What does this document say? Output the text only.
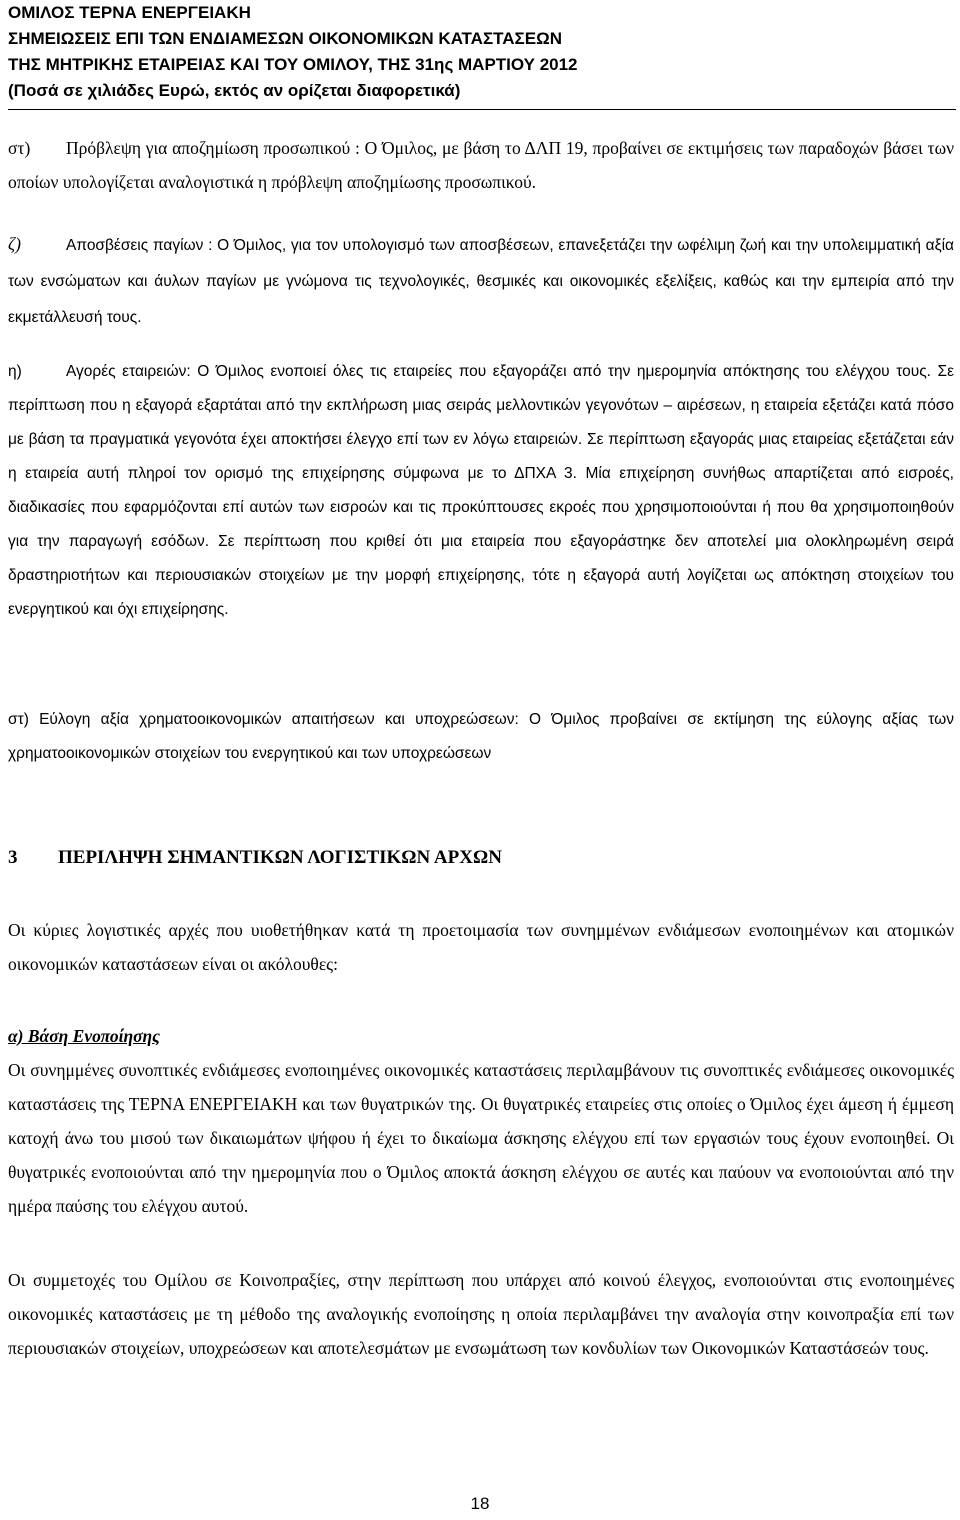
ΟΜΙΛΟΣ ΤΕΡΝΑ ΕΝΕΡΓΕΙΑΚΗ
ΣΗΜΕΙΩΣΕΙΣ ΕΠΙ ΤΩΝ ΕΝΔΙΑΜΕΣΩΝ ΟΙΚΟΝΟΜΙΚΩΝ ΚΑΤΑΣΤΑΣΕΩΝ
ΤΗΣ ΜΗΤΡΙΚΗΣ ΕΤΑΙΡΕΙΑΣ ΚΑΙ ΤΟΥ ΟΜΙΛΟΥ, ΤΗΣ 31ης ΜΑΡΤΙΟΥ 2012
(Ποσά σε χιλιάδες Ευρώ, εκτός αν ορίζεται διαφορετικά)

στ) Πρόβλεψη για αποζημίωση προσωπικού : Ο Όμιλος, με βάση το ΔΛΠ 19, προβαίνει σε εκτιμήσεις των παραδοχών βάσει των οποίων υπολογίζεται αναλογιστικά η πρόβλεψη αποζημίωσης προσωπικού.

ζ)	Αποσβέσεις παγίων : Ο Όμιλος, για τον υπολογισμό των αποσβέσεων, επανεξετάζει την ωφέλιμη ζωή και την υπολειμματική αξία των ενσώματων και άυλων παγίων με γνώμονα τις τεχνολογικές, θεσμικές και οικονομικές εξελίξεις, καθώς και την εμπειρία από την εκμετάλλευσή τους.

η)	Αγορές εταιρειών: Ο Όμιλος ενοποιεί όλες τις εταιρείες που εξαγοράζει από την ημερομηνία απόκτησης του ελέγχου τους. Σε περίπτωση που η εξαγορά εξαρτάται από την εκπλήρωση μιας σειράς μελλοντικών γεγονότων – αιρέσεων, η εταιρεία εξετάζει κατά πόσο με βάση τα πραγματικά γεγονότα έχει αποκτήσει έλεγχο επί των εν λόγω εταιρειών. Σε περίπτωση εξαγοράς μιας εταιρείας εξετάζεται εάν η εταιρεία αυτή πληροί τον ορισμό της επιχείρησης σύμφωνα με το ΔΠΧΑ 3. Μία επιχείρηση συνήθως απαρτίζεται από εισροές, διαδικασίες που εφαρμόζονται επί αυτών των εισροών και τις προκύπτουσες εκροές που χρησιμοποιούνται ή που θα χρησιμοποιηθούν για την παραγωγή εσόδων. Σε περίπτωση που κριθεί ότι μια εταιρεία που εξαγοράστηκε δεν αποτελεί μια ολοκληρωμένη σειρά δραστηριοτήτων και περιουσιακών στοιχείων με την μορφή επιχείρησης, τότε η εξαγορά αυτή λογίζεται ως απόκτηση στοιχείων του ενεργητικού και όχι επιχείρησης.

στ) Εύλογη αξία χρηματοοικονομικών απαιτήσεων και υποχρεώσεων: Ο Όμιλος προβαίνει σε εκτίμηση της εύλογης αξίας των χρηματοοικονομικών στοιχείων του ενεργητικού και των υποχρεώσεων

3 ΠΕΡΙΛΗΨΗ ΣΗΜΑΝΤΙΚΩΝ ΛΟΓΙΣΤΙΚΩΝ ΑΡΧΩΝ

Οι κύριες λογιστικές αρχές που υιοθετήθηκαν κατά τη προετοιμασία των συνημμένων ενδιάμεσων ενοποιημένων και ατομικών οικονομικών καταστάσεων είναι οι ακόλουθες:

α) Βάση Ενοποίησης

Οι συνημμένες συνοπτικές ενδιάμεσες ενοποιημένες οικονομικές καταστάσεις περιλαμβάνουν τις συνοπτικές ενδιάμεσες οικονομικές καταστάσεις της ΤΕΡΝΑ ΕΝΕΡΓΕΙΑΚΗ και των θυγατρικών της. Οι θυγατρικές εταιρείες στις οποίες ο Όμιλος έχει άμεση ή έμμεση κατοχή άνω του μισού των δικαιωμάτων ψήφου ή έχει το δικαίωμα άσκησης ελέγχου επί των εργασιών τους έχουν ενοποιηθεί. Οι θυγατρικές ενοποιούνται από την ημερομηνία που ο Όμιλος αποκτά άσκηση ελέγχου σε αυτές και παύουν να ενοποιούνται από την ημέρα παύσης του ελέγχου αυτού.

Οι συμμετοχές του Ομίλου σε Κοινοπραξίες, στην περίπτωση που υπάρχει από κοινού έλεγχος, ενοποιούνται στις ενοποιημένες οικονομικές καταστάσεις με τη μέθοδο της αναλογικής ενοποίησης η οποία περιλαμβάνει την αναλογία στην κοινοπραξία επί των περιουσιακών στοιχείων, υποχρεώσεων και αποτελεσμάτων με ενσωμάτωση των κονδυλίων των Οικονομικών Καταστάσεών τους.

18
